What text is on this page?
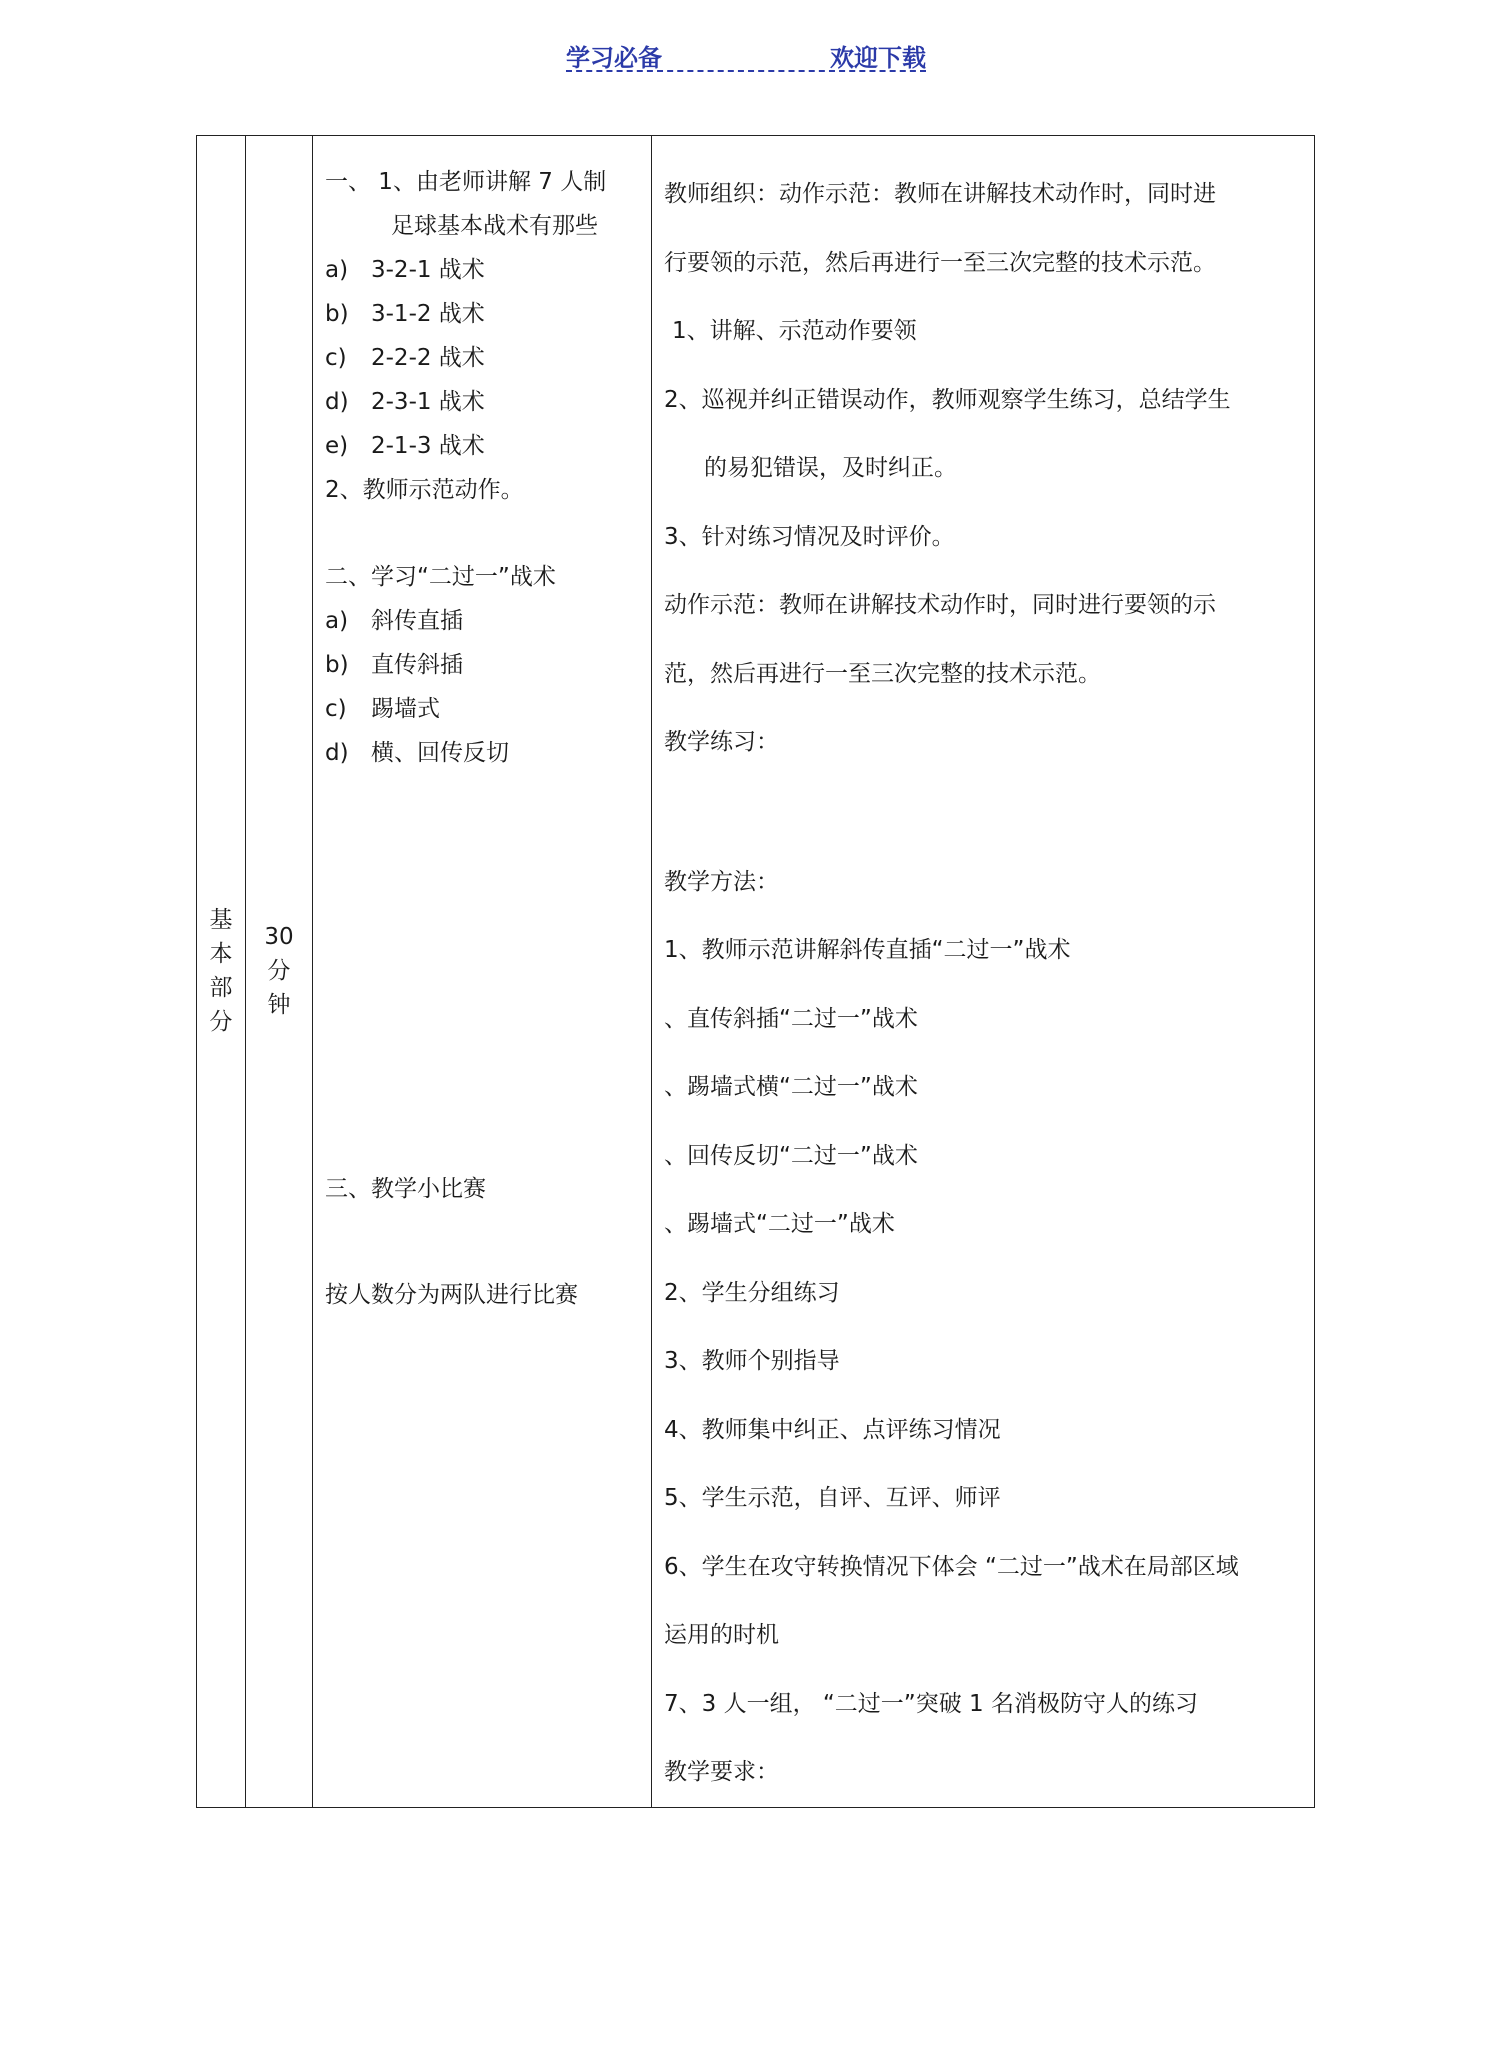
学习必备	欢迎下载
基
本
部
分

30
分
钟

一、 1、由老师讲解 7 人制
足球基本战术有那些
a) 3-2-1 战术
b) 3-1-2 战术
c) 2-2-2 战术
d) 2-3-1 战术
e) 2-1-3 战术
2、教师示范动作。
二、学习“二过一”战术
a) 斜传直插
b) 直传斜插
c) 踢墙式
d) 横、回传反切
三、教学小比赛
按人数分为两队进行比赛

教师组织：动作示范：教师在讲解技术动作时，同时进
行要领的示范，然后再进行一至三次完整的技术示范。
1、讲解、示范动作要领
2、巡视并纠正错误动作，教师观察学生练习，总结学生
的易犯错误，及时纠正。
3、针对练习情况及时评价。
动作示范：教师在讲解技术动作时，同时进行要领的示
范，然后再进行一至三次完整的技术示范。
教学练习：
教学方法：
1、教师示范讲解斜传直插“二过一”战术
、直传斜插“二过一”战术
、踢墙式横“二过一”战术
、回传反切“二过一”战术
、踢墙式“二过一”战术
2、学生分组练习
3、教师个别指导
4、教师集中纠正、点评练习情况
5、学生示范，自评、互评、师评
6、学生在攻守转换情况下体会 “二过一”战术在局部区域
运用的时机
7、3 人一组， “二过一”突破 1 名消极防守人的练习
教学要求：
